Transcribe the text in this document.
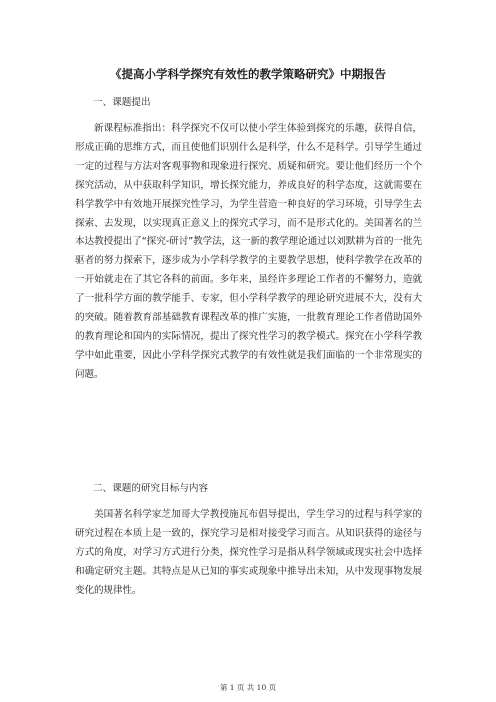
《提高小学科学探究有效性的教学策略研究》中期报告
一、课题提出
新课程标准指出：科学探究不仅可以使小学生体验到探究的乐趣，获得自信，形成正确的思维方式，而且使他们识别什么是科学，什么不是科学。引导学生通过一定的过程与方法对客观事物和现象进行探究、质疑和研究。要让他们经历一个个探究活动，从中获取科学知识，增长探究能力，养成良好的科学态度，这就需要在科学教学中有效地开展探究性学习，为学生营造一种良好的学习环境，引导学生去探索、去发现，以实现真正意义上的探究式学习，而不是形式化的。美国著名的兰本达教授提出了“探究-研讨”教学法，这一新的教学理论通过以刘默耕为首的一批先驱者的努力探索下，逐步成为小学科学教学的主要教学思想，使科学教学在改革的一开始就走在了其它各科的前面。多年来，虽经许多理论工作者的不懈努力，造就了一批科学方面的教学能手、专家，但小学科学教学的理论研究进展不大，没有大的突破。随着教育部基础教育课程改革的推广实施，一批教育理论工作者借助国外的教育理论和国内的实际情况，提出了探究性学习的教学模式。探究在小学科学教学中如此重要，因此小学科学探究式教学的有效性就是我们面临的一个非常现实的问题。
二、课题的研究目标与内容
美国著名科学家芝加哥大学教授施瓦布倡导提出，学生学习的过程与科学家的研究过程在本质上是一致的，探究学习是相对接受学习而言。从知识获得的途径与方式的角度，对学习方式进行分类，探究性学习是指从科学领域或现实社会中选择和确定研究主题。其特点是从已知的事实或现象中推导出未知，从中发现事物发展变化的规律性。
第 1 页 共 10 页
